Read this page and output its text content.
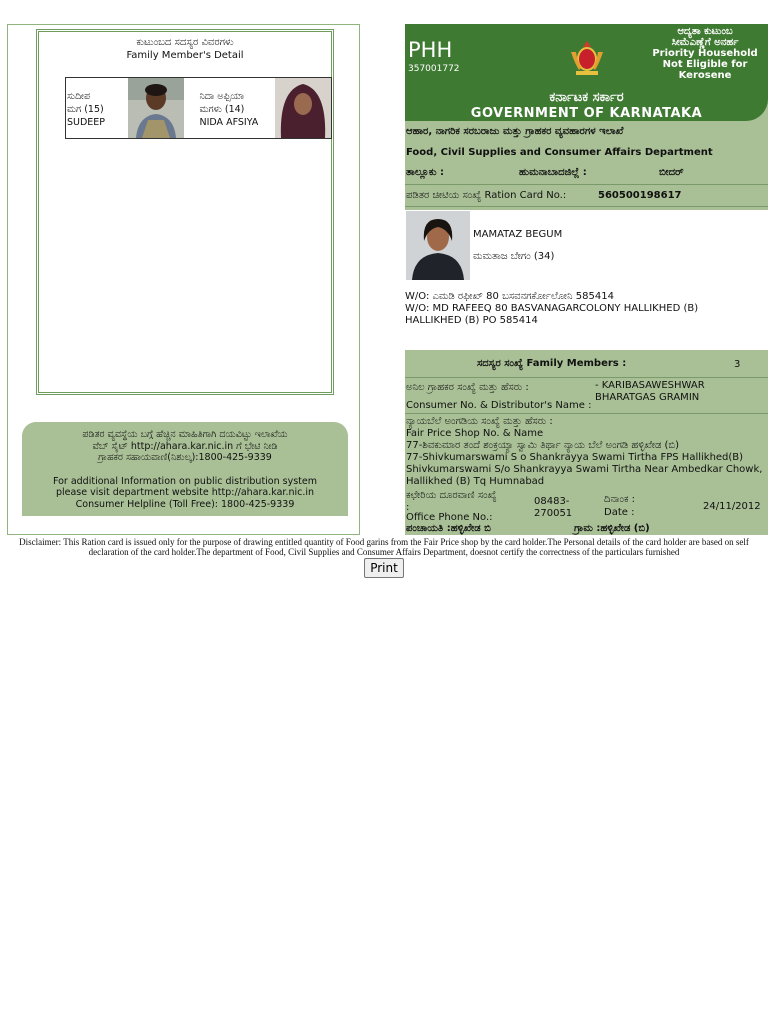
ಕುಟುಂಬದ ಸದಸ್ಯರ ವಿವರಗಳು
Family Member's Detail
ಸುದೀಪ
ಮಗ (15)
SUDEEP
ನಿದಾ ಅಫ್ಸಿಯಾ
ಮಗಳು (14)
NIDA AFSIYA
ಪಡಿತರ ವ್ಯವಸ್ಥೆಯ ಬಗ್ಗೆ ಹೆಚ್ಚಿನ ಮಾಹಿತಿಗಾಗಿ ದಯವಿಟ್ಟು ಇಲಾಖೆಯ
ವೆಬ್ ಸೈಟ್ http://ahara.kar.nic.in ಗೆ ಭೇಟಿ ನೀಡಿ
ಗ್ರಾಹಕರ ಸಹಾಯವಾಣಿ(ನಿಶುಲ್ಕ):1800-425-9339
For additional Information on public distribution system
please visit department website http://ahara.kar.nic.in
Consumer Helpline (Toll Free): 1800-425-9339
PHH
357001772
ಆದ್ಯತಾ ಕುಟುಂಬ
ಸೀಮೆಎಣ್ಣೆಗೆ ಅನರ್ಹ
Priority Household
Not Eligible for
Kerosene
ಕರ್ನಾಟಕ ಸರ್ಕಾರ
GOVERNMENT OF KARNATAKA
ಆಹಾರ, ನಾಗರಿಕ ಸರಬರಾಜು ಮತ್ತು ಗ್ರಾಹಕರ ವ್ಯವಹಾರಗಳ ಇಲಾಖೆ
Food, Civil Supplies and Consumer Affairs Department
ತಾಲ್ಲೂಕು :	ಹುಮನಾಬಾದಜಿಲ್ಲೆ :	ಬೀದರ್
ಪಡಿತರ ಚೀಟಿಯ ಸಂಖ್ಯೆ Ration Card No.:	560500198617
MAMATAZ BEGUM
ಮಮತಾಜ ಬೇಗಂ (34)
W/O: ಎಮಡಿ ರಫೀಖ್ 80 ಬಸವನಗರ್ಕೋಲೋನಿ 585414
W/O: MD RAFEEQ 80 BASVANAGARCOLONY HALLIKHED (B)
HALLIKHED (B) PO 585414
ಸದಸ್ಯರ ಸಂಖ್ಯೆ Family Members :	3
ಅನಿಲ ಗ್ರಾಹಕರ ಸಂಖ್ಯೆ ಮತ್ತು ಹೆಸರು :
Consumer No. & Distributor's Name :
- KARIBASAWESHWAR
BHARATGAS GRAMIN
ನ್ಯಾಯಬೆಲೆ ಅಂಗಡಿಯ ಸಂಖ್ಯೆ ಮತ್ತು ಹೆಸರು :
Fair Price Shop No. & Name
77-ಶಿವಕುಮಾರ ತಂದೆ ಶಂಕ್ರಯ್ಯಾ ಸ್ವಾಮಿ ತಿರ್ಥಾ ನ್ಯಾಯ ಬೆಲೆ ಅಂಗಡಿ ಹಳ್ಳಿಖೇಡ (ಬಿ)
77-Shivkumarswami S o Shankrayya Swami Tirtha FPS Hallikhed(B)
Shivkumarswami S/o Shankrayya Swami Tirtha Near Ambedkar Chowk,
Hallikhed (B) Tq Humnabad
ಕಛೇರಿಯ ದೂರವಾಣಿ ಸಂಖ್ಯೆ
:
Office Phone No.:
08483-
270051
ದಿನಾಂಕ :
Date :
24/11/2012
ಪಂಚಾಯತಿ :ಹಳ್ಳಿಖೇಡ ಬಿ	ಗ್ರಾಮ :ಹಳ್ಳಿಖೇಡ (ಬಿ)
Disclaimer: This Ration card is issued only for the purpose of drawing entitled quantity of Food garins from the Fair Price shop by the card holder.The Personal details of the card holder are based on self declaration of the card holder.The department of Food, Civil Supplies and Consumer Affairs Department, doesnot certify the correctness of the particulars furnished
Print
